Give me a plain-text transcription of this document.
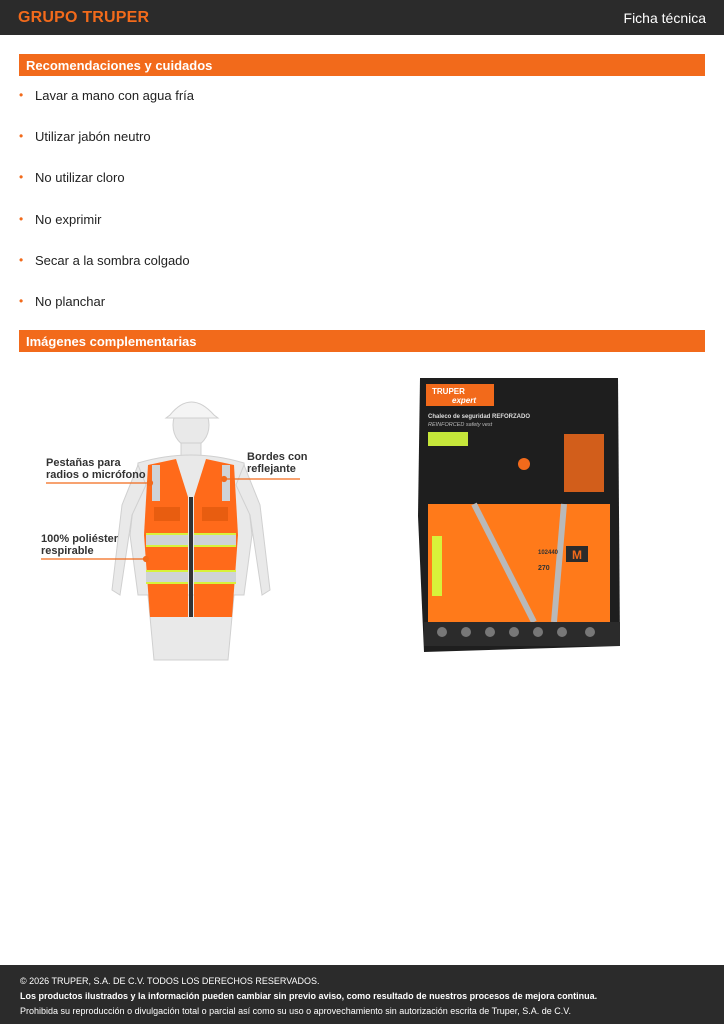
GRUPO TRUPER	Ficha técnica
Recomendaciones y cuidados
• Lavar a mano con agua fría
• Utilizar jabón neutro
• No utilizar cloro
• No exprimir
• Secar a la sombra colgado
• No planchar
Imágenes complementarias
Pestañas para
radios o micrófono
Bordes con
reflejante
100% poliéster
respirable
TRUPER
expert
Chaleco de seguridad REFORZADO
REINFORCED safety vest
M
102440
270
© 2026 TRUPER, S.A. DE C.V. TODOS LOS DERECHOS RESERVADOS.
Los productos ilustrados y la información pueden cambiar sin previo aviso, como resultado de nuestros procesos de mejora continua.
Prohibida su reproducción o divulgación total o parcial así como su uso o aprovechamiento sin autorización escrita de Truper, S.A. de C.V.
